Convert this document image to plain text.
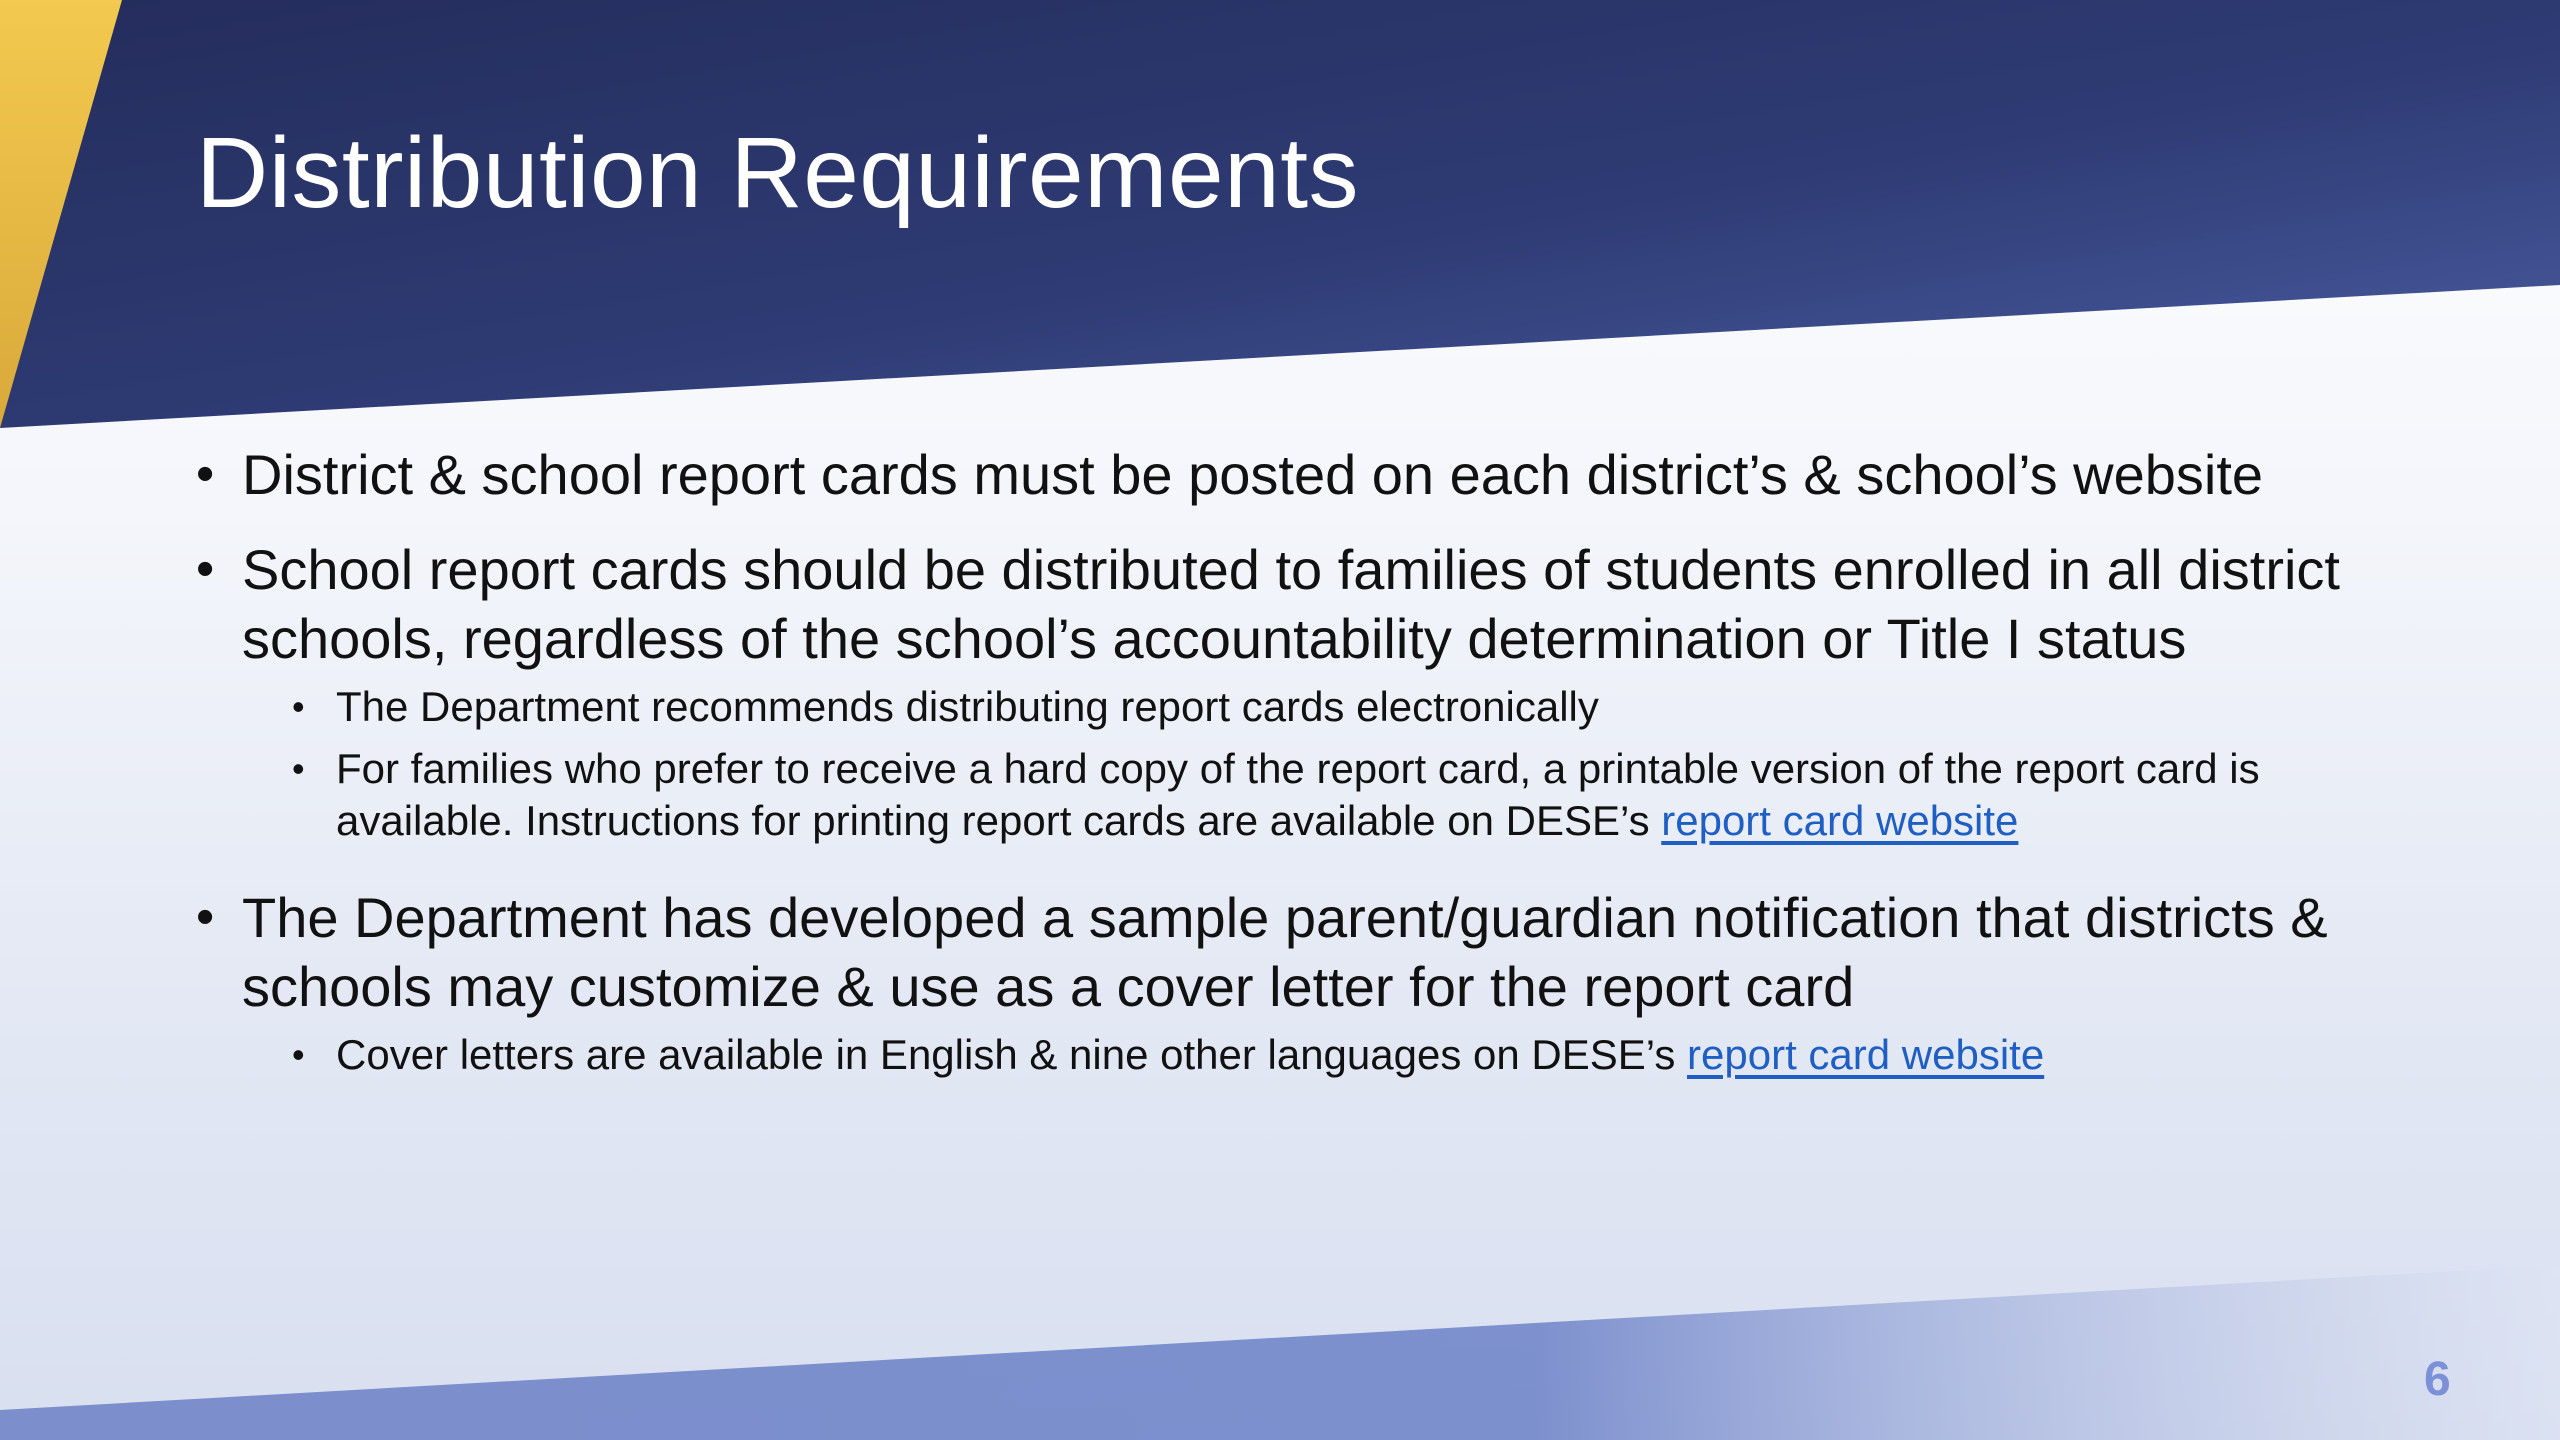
Distribution Requirements
• District & school report cards must be posted on each district’s & school’s website
• School report cards should be distributed to families of students enrolled in all district schools, regardless of the school’s accountability determination or Title I status
• The Department recommends distributing report cards electronically
• For families who prefer to receive a hard copy of the report card, a printable version of the report card is available. Instructions for printing report cards are available on DESE’s report card website
• The Department has developed a sample parent/guardian notification that districts & schools may customize & use as a cover letter for the report card
• Cover letters are available in English & nine other languages on DESE’s report card website
6
